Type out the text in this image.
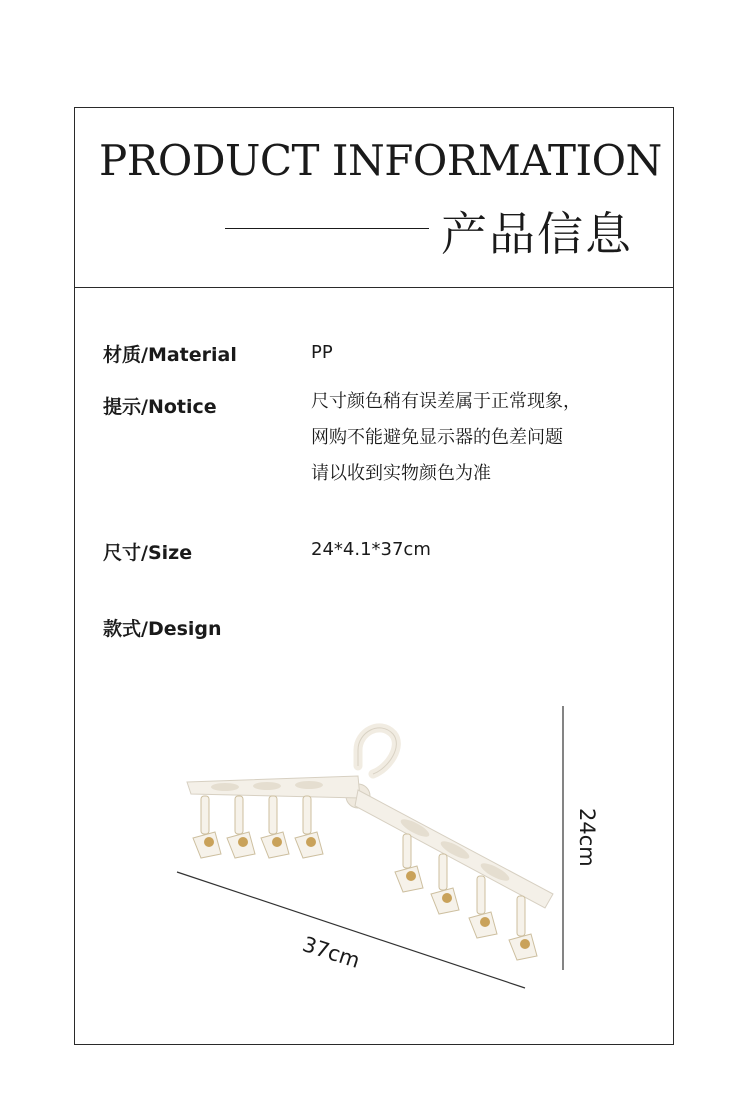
PRODUCT INFORMATION
产品信息
材质/Material	PP
提示/Notice	尺寸颜色稍有误差属于正常现象，
网购不能避免显示器的色差问题
请以收到实物颜色为准
尺寸/Size	24*4.1*37cm
款式/Design
37cm
24cm
